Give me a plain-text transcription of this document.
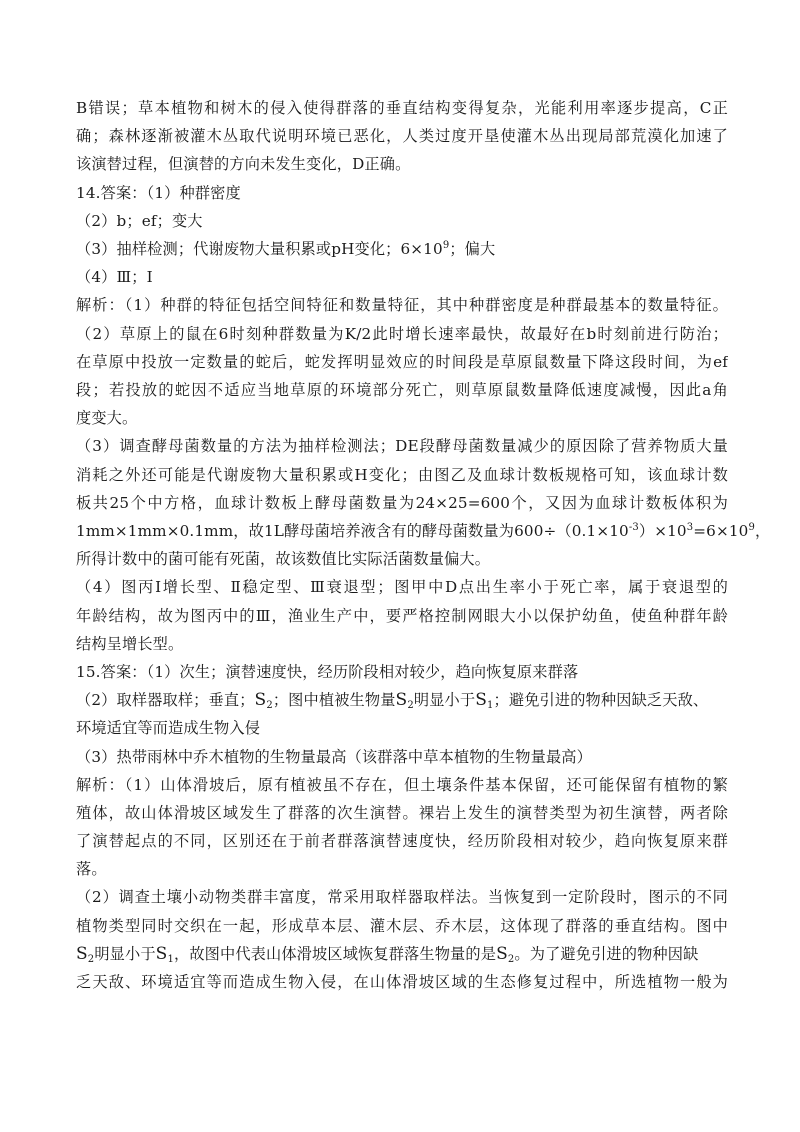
B错误；草本植物和树木的侵入使得群落的垂直结构变得复杂，光能利用率逐步提高，C正
确；森林逐渐被灌木丛取代说明环境已恶化，人类过度开垦使灌木丛出现局部荒漠化加速了
该演替过程，但演替的方向未发生变化，D正确。
14.答案：（1）种群密度
（2）b；ef；变大
（3）抽样检测；代谢废物大量积累或pH变化；$6\times 10^9$；偏大
（4）Ⅲ；Ⅰ
解析：（1）种群的特征包括空间特征和数量特征，其中种群密度是种群最基本的数量特征。
（2）草原上的鼠在6时刻种群数量为K/2此时增长速率最快，故最好在b时刻前进行防治；
在草原中投放一定数量的蛇后，蛇发挥明显效应的时间段是草原鼠数量下降这段时间，为ef
段；若投放的蛇因不适应当地草原的环境部分死亡，则草原鼠数量降低速度减慢，因此a角
度变大。
（3）调查酵母菌数量的方法为抽样检测法；DE段酵母菌数量减少的原因除了营养物质大量
消耗之外还可能是代谢废物大量积累或H变化；由图乙及血球计数板规格可知，该血球计数
板共25个中方格，血球计数板上酵母菌数量为24×25=600个，又因为血球计数板体积为
1mm×1mm×0.1mm，故1L酵母菌培养液含有的酵母菌数量为$600\div(0.1\times 10^{-3})\times 10^3=6\times 10^9$，
所得计数中的菌可能有死菌，故该数值比实际活菌数量偏大。
（4）图丙Ⅰ增长型、Ⅱ稳定型、Ⅲ衰退型；图甲中D点出生率小于死亡率，属于衰退型的
年龄结构，故为图丙中的Ⅲ，渔业生产中，要严格控制网眼大小以保护幼鱼，使鱼种群年龄
结构呈增长型。
15.答案：（1）次生；演替速度快，经历阶段相对较少，趋向恢复原来群落
（2）取样器取样；垂直；$S_2$；图中植被生物量$S_2$明显小于$S_1$；避免引进的物种因缺乏天敌、
环境适宜等而造成生物入侵
（3）热带雨林中乔木植物的生物量最高（该群落中草本植物的生物量最高）
解析：（1）山体滑坡后，原有植被虽不存在，但土壤条件基本保留，还可能保留有植物的繁
殖体，故山体滑坡区域发生了群落的次生演替。裸岩上发生的演替类型为初生演替，两者除
了演替起点的不同，区别还在于前者群落演替速度快，经历阶段相对较少，趋向恢复原来群
落。
（2）调查土壤小动物类群丰富度，常采用取样器取样法。当恢复到一定阶段时，图示的不同
植物类型同时交织在一起，形成草本层、灌木层、乔木层，这体现了群落的垂直结构。图中
$S_2$明显小于$S_1$，故图中代表山体滑坡区域恢复群落生物量的是$S_2$。为了避免引进的物种因缺
乏天敌、环境适宜等而造成生物入侵，在山体滑坡区域的生态修复过程中，所选植物一般为
